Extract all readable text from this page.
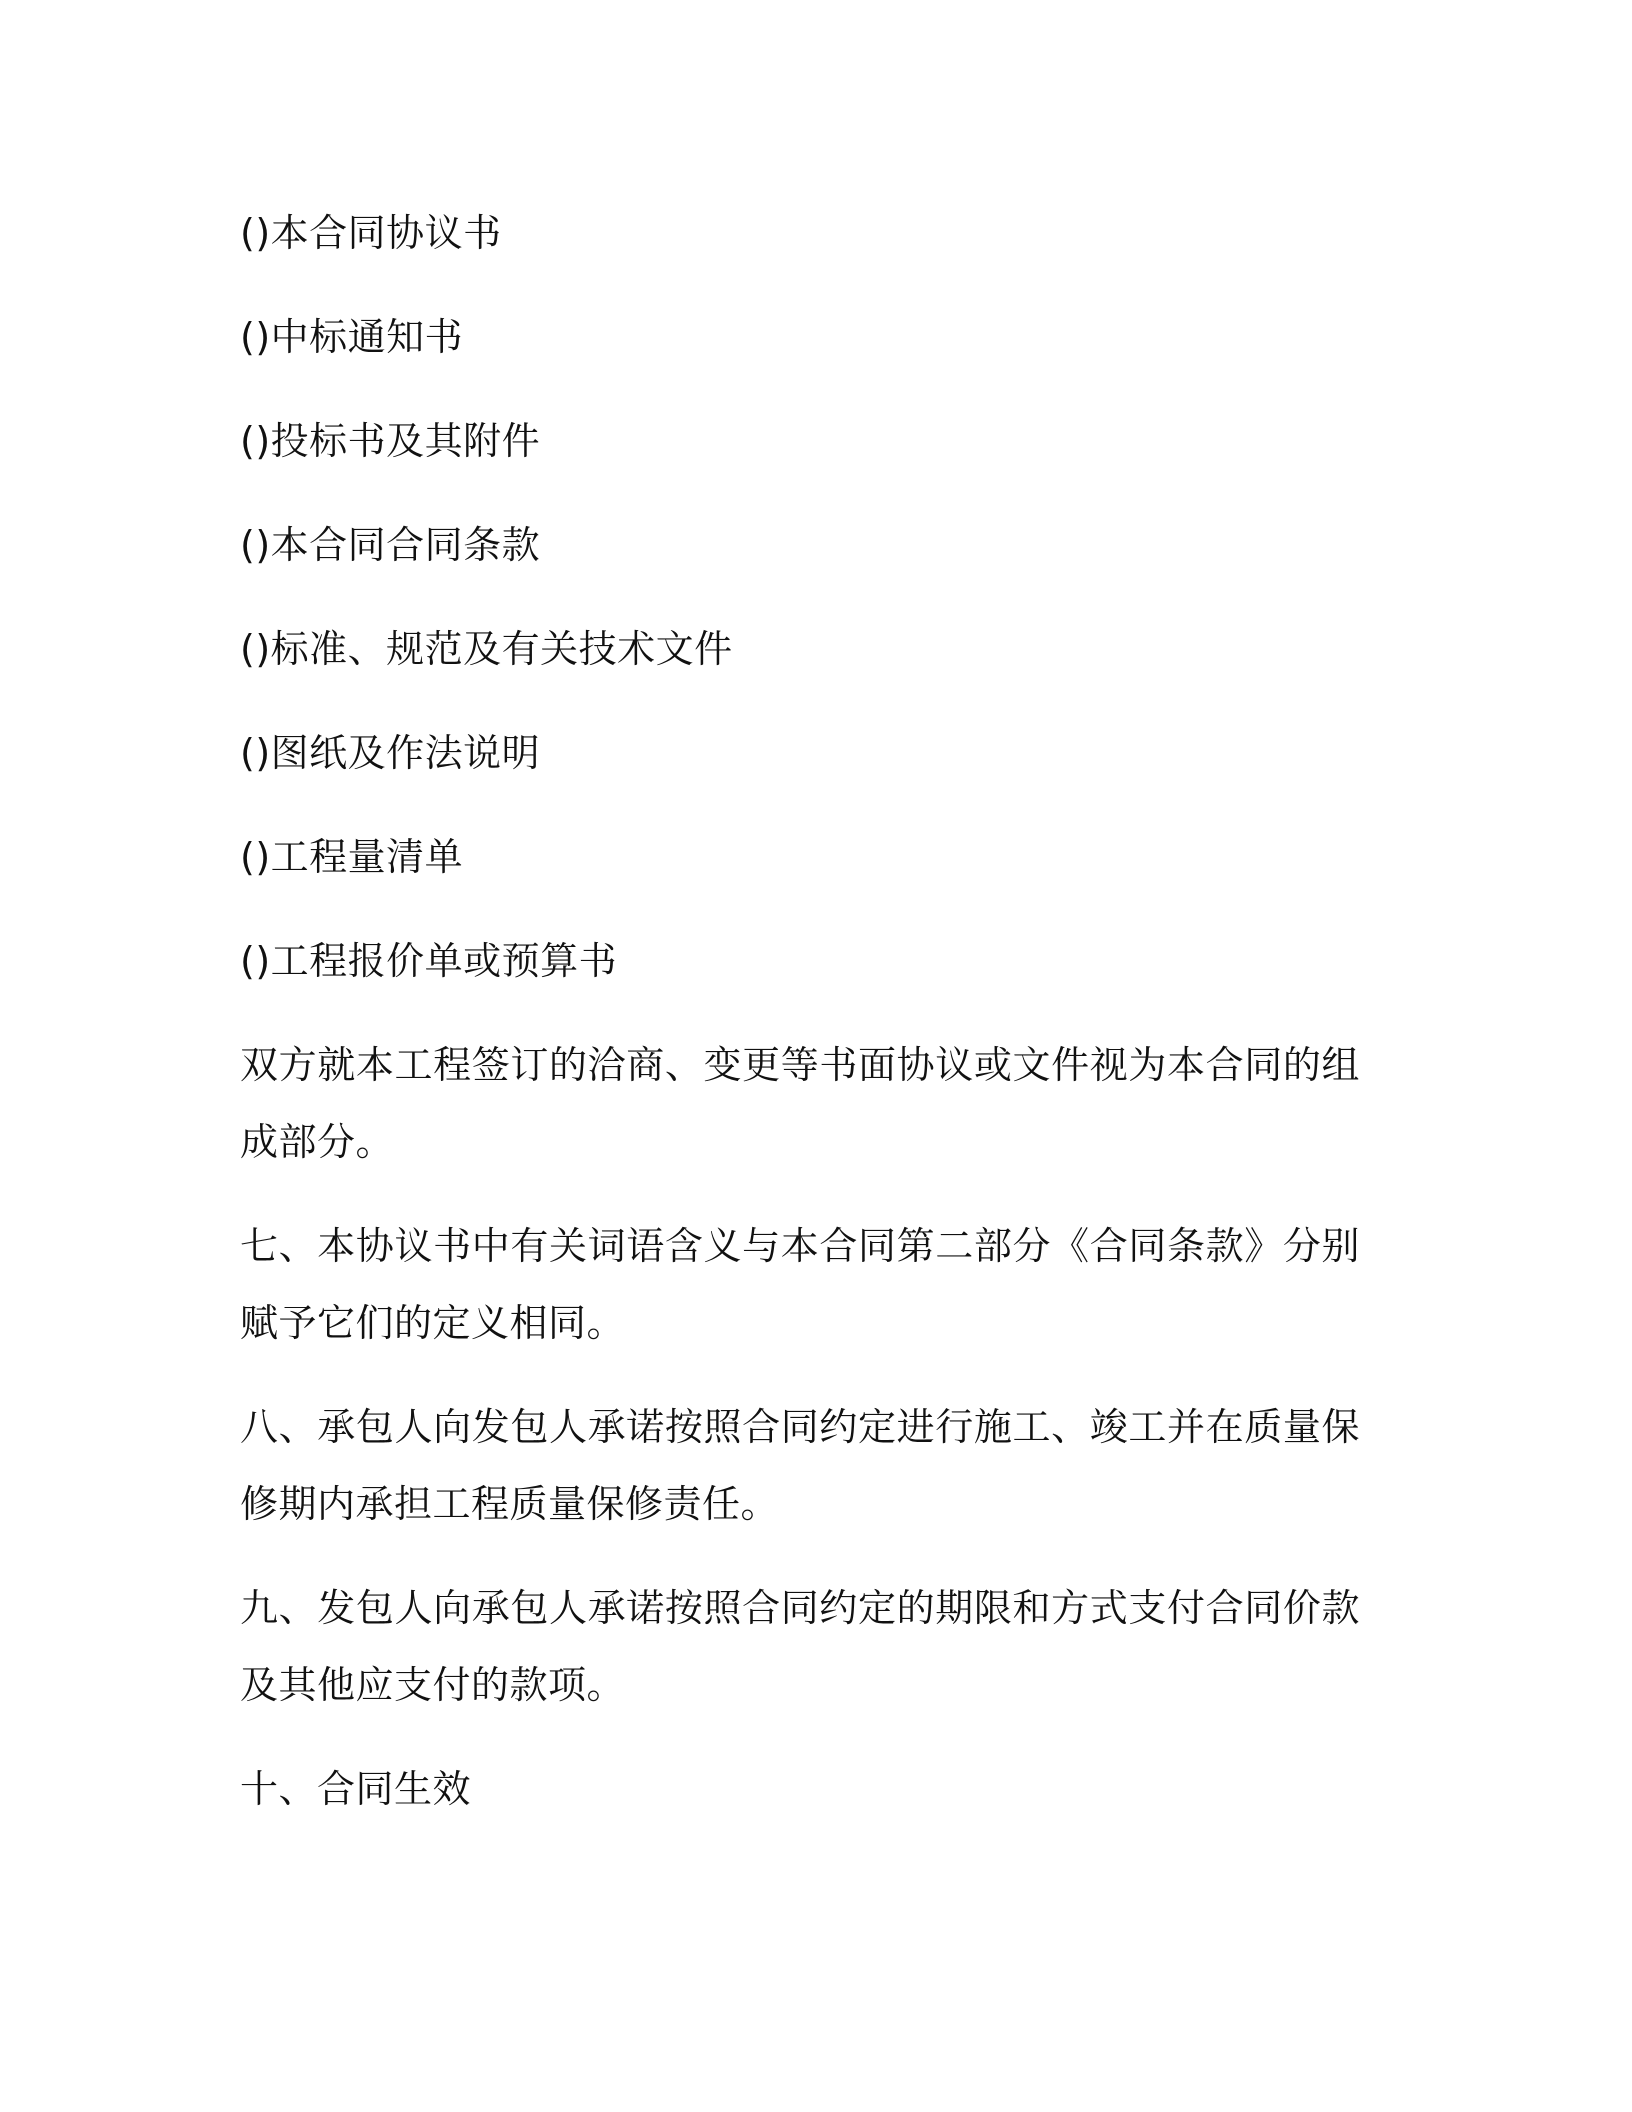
()本合同协议书
()中标通知书
()投标书及其附件
()本合同合同条款
()标准、规范及有关技术文件
()图纸及作法说明
()工程量清单
()工程报价单或预算书
双方就本工程签订的洽商、变更等书面协议或文件视为本合同的组成部分。
七、本协议书中有关词语含义与本合同第二部分《合同条款》分别赋予它们的定义相同。
八、承包人向发包人承诺按照合同约定进行施工、竣工并在质量保修期内承担工程质量保修责任。
九、发包人向承包人承诺按照合同约定的期限和方式支付合同价款及其他应支付的款项。
十、合同生效
